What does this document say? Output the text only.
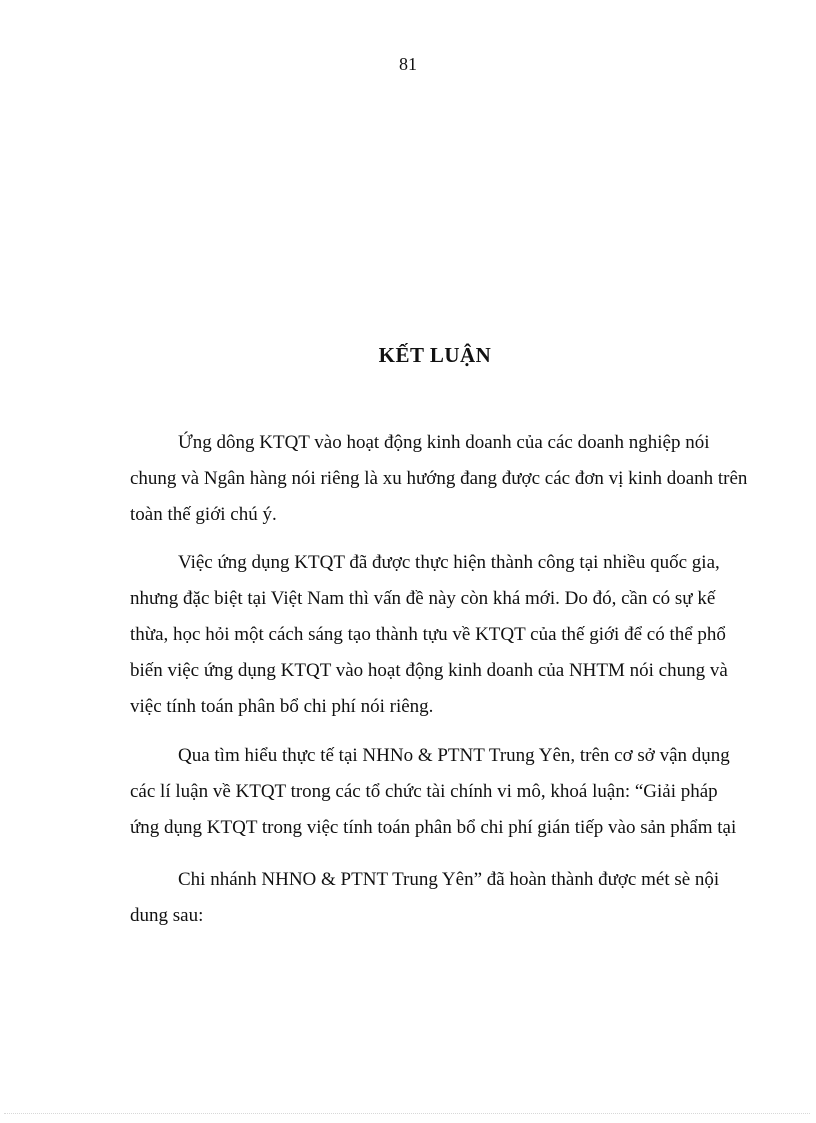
81
KẾT LUẬN
Ứng dông KTQT vào hoạt động kinh doanh của các doanh nghiệp nói
chung và Ngân hàng nói riêng là xu hướng đang được các đơn vị kinh doanh trên
toàn thế giới chú ý.
Việc ứng dụng KTQT đã được thực hiện thành công tại nhiều quốc gia,
nhưng đặc biệt tại Việt Nam thì vấn đề này còn khá mới. Do đó, cần có sự kế
thừa, học hỏi một cách sáng tạo thành tựu về KTQT của thế giới để có thể phổ
biến việc ứng dụng KTQT vào hoạt động kinh doanh của NHTM nói chung và
việc tính toán phân bổ chi phí nói riêng.
Qua tìm hiểu thực tế tại NHNo & PTNT Trung Yên, trên cơ sở vận dụng
các lí luận về KTQT trong các tổ chức tài chính vi mô, khoá luận: “Giải pháp
ứng dụng KTQT trong việc tính toán phân bổ chi phí gián tiếp vào sản phẩm tại
Chi nhánh NHNO & PTNT Trung Yên” đã hoàn thành được mét sè nội
dung sau:
